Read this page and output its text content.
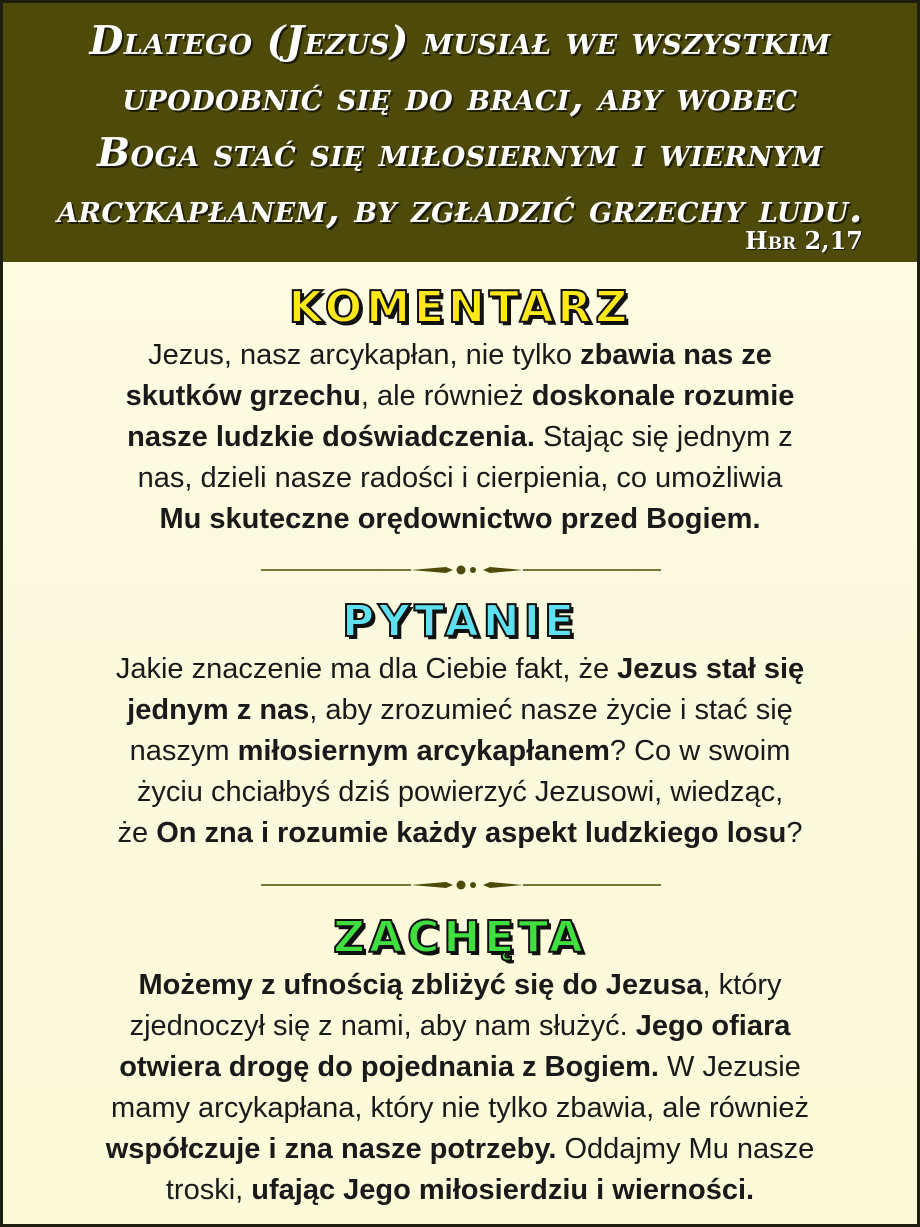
Dlatego (Jezus) musiał we wszystkim
upodobnić się do braci, aby wobec
Boga stać się miłosiernym i wiernym
arcykapłanem, by zgładzić grzechy ludu.
Hbr 2,17
KOMENTARZ
Jezus, nasz arcykapłan, nie tylko zbawia nas ze
skutków grzechu, ale również doskonale rozumie
nasze ludzkie doświadczenia. Stając się jednym z
nas, dzieli nasze radości i cierpienia, co umożliwia
Mu skuteczne orędownictwo przed Bogiem.
PYTANIE
Jakie znaczenie ma dla Ciebie fakt, że Jezus stał się
jednym z nas, aby zrozumieć nasze życie i stać się
naszym miłosiernym arcykapłanem? Co w swoim
życiu chciałbyś dziś powierzyć Jezusowi, wiedząc,
że On zna i rozumie każdy aspekt ludzkiego losu?
ZACHĘTA
Możemy z ufnością zbliżyć się do Jezusa, który
zjednoczył się z nami, aby nam służyć. Jego ofiara
otwiera drogę do pojednania z Bogiem. W Jezusie
mamy arcykapłana, który nie tylko zbawia, ale również
współczuje i zna nasze potrzeby. Oddajmy Mu nasze
troski, ufając Jego miłosierdziu i wierności.
